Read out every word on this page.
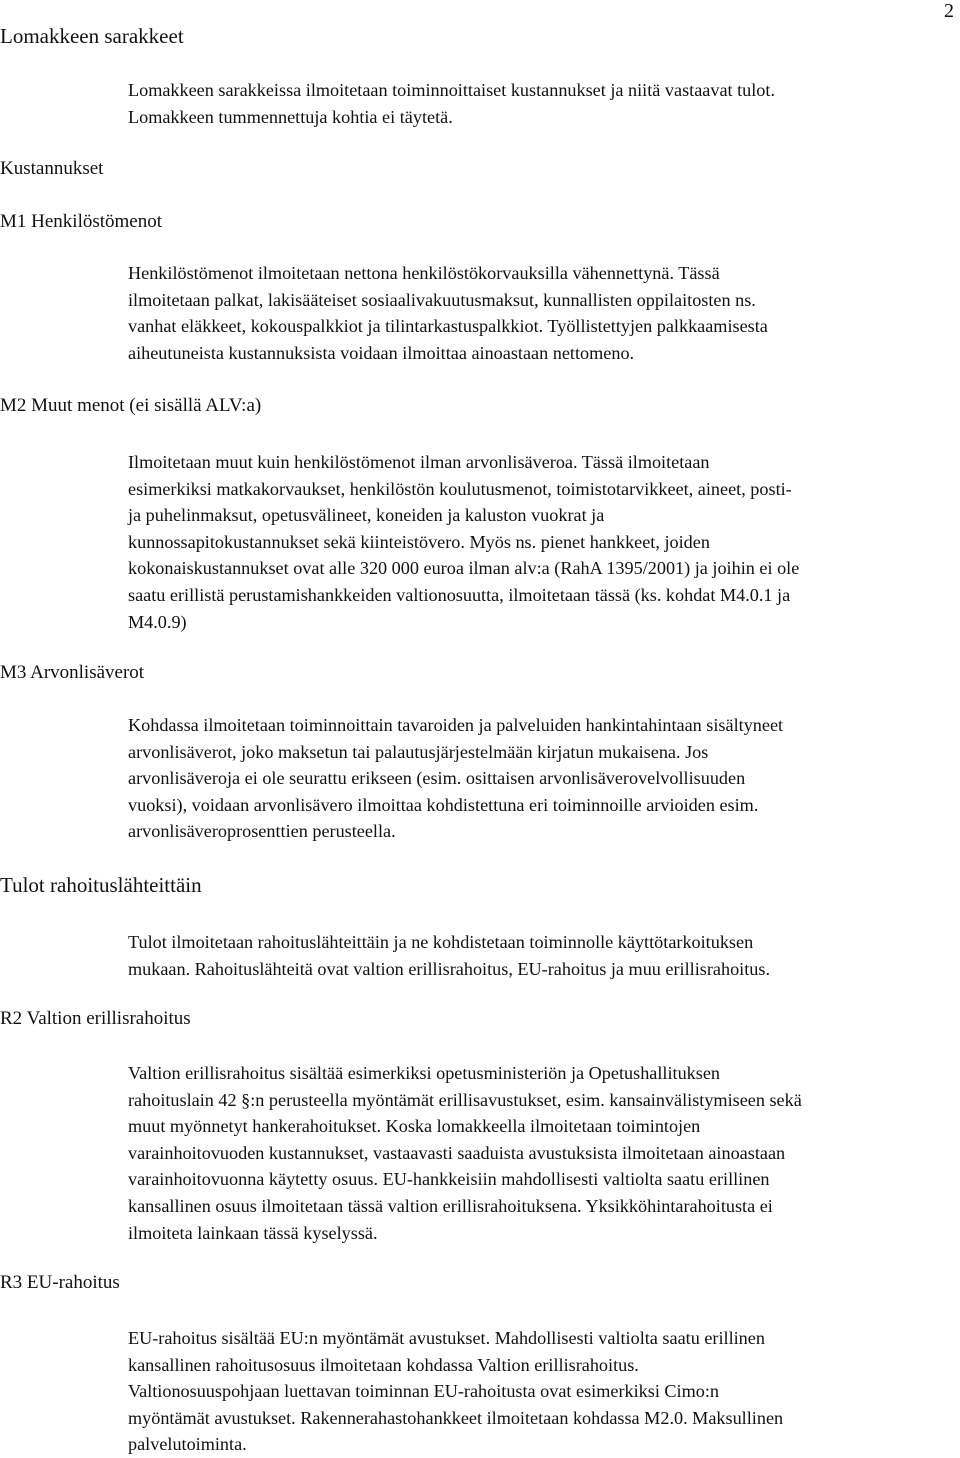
2
Lomakkeen sarakkeet
Lomakkeen sarakkeissa ilmoitetaan toiminnoittaiset kustannukset ja niitä vastaavat tulot.
Lomakkeen tummennettuja kohtia ei täytetä.
Kustannukset
M1 Henkilöstömenot
Henkilöstömenot ilmoitetaan nettona henkilöstökorvauksilla vähennettynä. Tässä
ilmoitetaan palkat, lakisääteiset sosiaalivakuutusmaksut, kunnallisten oppilaitosten ns.
vanhat eläkkeet, kokouspalkkiot ja tilintarkastuspalkkiot. Työllistettyjen palkkaamisesta
aiheutuneista kustannuksista voidaan ilmoittaa ainoastaan nettomeno.
M2 Muut menot (ei sisällä ALV:a)
Ilmoitetaan muut kuin henkilöstömenot ilman arvonlisäveroa. Tässä ilmoitetaan
esimerkiksi matkakorvaukset, henkilöstön koulutusmenot, toimistotarvikkeet, aineet, posti-
ja puhelinmaksut, opetusvälineet, koneiden ja kaluston vuokrat ja
kunnossapitokustannukset sekä kiinteistövero. Myös ns. pienet hankkeet, joiden
kokonaiskustannukset ovat alle 320 000 euroa ilman alv:a (RahA 1395/2001) ja joihin ei ole
saatu erillistä perustamishankkeiden valtionosuutta, ilmoitetaan tässä (ks. kohdat M4.0.1 ja
M4.0.9)
M3 Arvonlisäverot
Kohdassa ilmoitetaan toiminnoittain tavaroiden ja palveluiden hankintahintaan sisältyneet
arvonlisäverot, joko maksetun tai palautusjärjestelmään kirjatun mukaisena. Jos
arvonlisäveroja ei ole seurattu erikseen (esim. osittaisen arvonlisäverovelvollisuuden
vuoksi), voidaan arvonlisävero ilmoittaa kohdistettuna eri toiminnoille arvioiden esim.
arvonlisäveroprosenttien perusteella.
Tulot rahoituslähteittäin
Tulot ilmoitetaan rahoituslähteittäin ja ne kohdistetaan toiminnolle käyttötarkoituksen
mukaan. Rahoituslähteitä ovat valtion erillisrahoitus, EU-rahoitus ja muu erillisrahoitus.
R2 Valtion erillisrahoitus
Valtion erillisrahoitus sisältää esimerkiksi opetusministeriön ja Opetushallituksen
rahoituslain 42 §:n perusteella myöntämät erillisavustukset, esim. kansainvälistymiseen sekä
muut myönnetyt hankerahoitukset. Koska lomakkeella ilmoitetaan toimintojen
varainhoitovuoden kustannukset, vastaavasti saaduista avustuksista ilmoitetaan ainoastaan
varainhoitovuonna käytetty osuus. EU-hankkeisiin mahdollisesti valtiolta saatu erillinen
kansallinen osuus ilmoitetaan tässä valtion erillisrahoituksena. Yksikköhintarahoitusta ei
ilmoiteta lainkaan tässä kyselyssä.
R3 EU-rahoitus
EU-rahoitus sisältää EU:n myöntämät avustukset. Mahdollisesti valtiolta saatu erillinen
kansallinen rahoitusosuus ilmoitetaan kohdassa Valtion erillisrahoitus.
Valtionosuuspohjaan luettavan toiminnan EU-rahoitusta ovat esimerkiksi Cimo:n
myöntämät avustukset. Rakennerahastohankkeet ilmoitetaan kohdassa M2.0. Maksullinen
palvelutoiminta.
